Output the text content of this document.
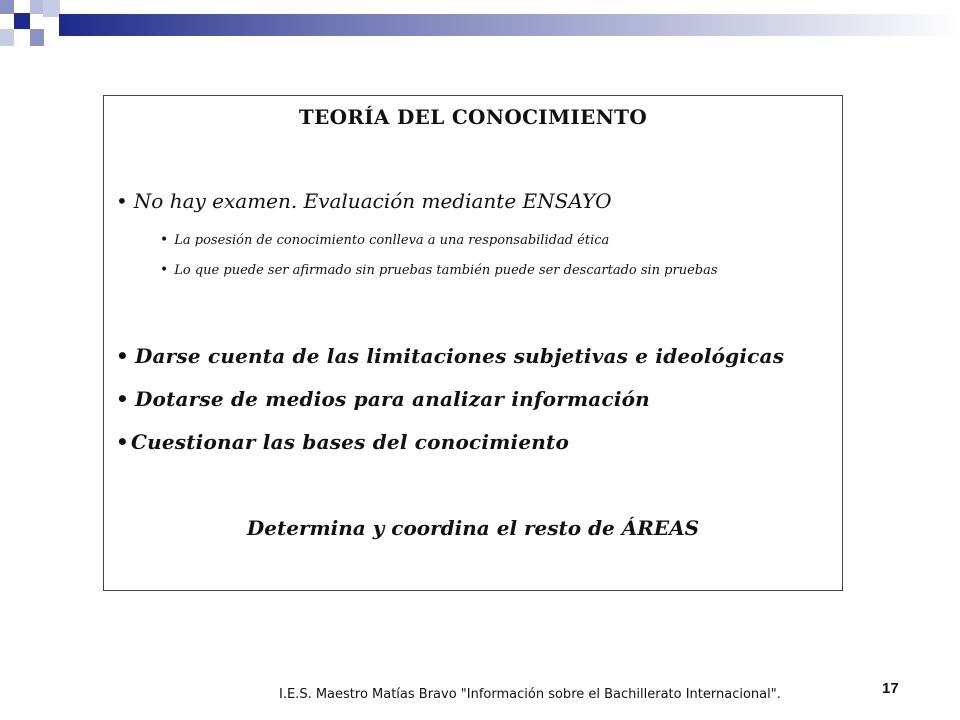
TEORÍA DEL CONOCIMIENTO
• No hay examen. Evaluación mediante ENSAYO
• La posesión de conocimiento conlleva a una responsabilidad ética
• Lo que puede ser afirmado sin pruebas también puede ser descartado sin pruebas
• Darse cuenta de las limitaciones subjetivas e ideológicas
• Dotarse de medios para analizar información
• Cuestionar las bases del conocimiento
Determina y coordina el resto de ÁREAS
I.E.S. Maestro Matías Bravo "Información sobre el Bachillerato Internacional".	17
